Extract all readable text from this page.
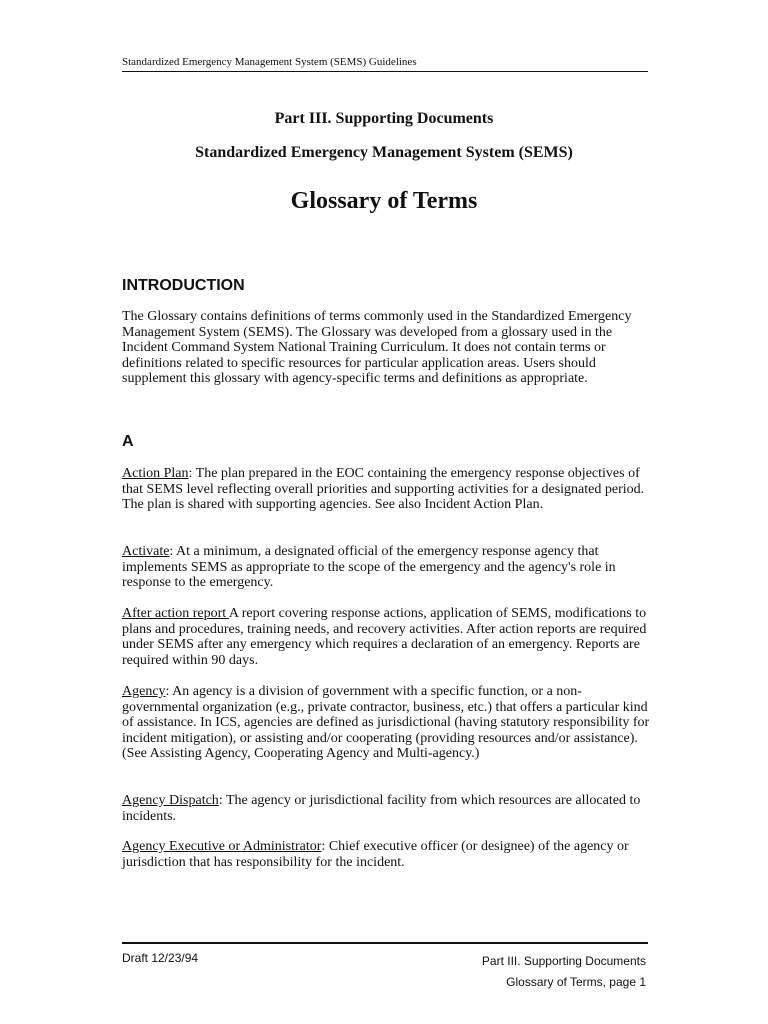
Standardized Emergency Management System (SEMS) Guidelines
Part III. Supporting Documents
Standardized Emergency Management System (SEMS)
Glossary of Terms
INTRODUCTION

The Glossary contains definitions of terms commonly used in the Standardized Emergency Management System (SEMS). The Glossary was developed from a glossary used in the Incident Command System National Training Curriculum. It does not contain terms or definitions related to specific resources for particular application areas. Users should supplement this glossary with agency-specific terms and definitions as appropriate.

A

Action Plan: The plan prepared in the EOC containing the emergency response objectives of that SEMS level reflecting overall priorities and supporting activities for a designated period. The plan is shared with supporting agencies. See also Incident Action Plan.

Activate: At a minimum, a designated official of the emergency response agency that implements SEMS as appropriate to the scope of the emergency and the agency's role in response to the emergency.

After action report A report covering response actions, application of SEMS, modifications to plans and procedures, training needs, and recovery activities. After action reports are required under SEMS after any emergency which requires a declaration of an emergency. Reports are required within 90 days.

Agency: An agency is a division of government with a specific function, or a non-governmental organization (e.g., private contractor, business, etc.) that offers a particular kind of assistance. In ICS, agencies are defined as jurisdictional (having statutory responsibility for incident mitigation), or assisting and/or cooperating (providing resources and/or assistance). (See Assisting Agency, Cooperating Agency and Multi-agency.)

Agency Dispatch: The agency or jurisdictional facility from which resources are allocated to incidents.

Agency Executive or Administrator: Chief executive officer (or designee) of the agency or jurisdiction that has responsibility for the incident.

Draft 12/23/94	Part III. Supporting Documents
Glossary of Terms, page 1
